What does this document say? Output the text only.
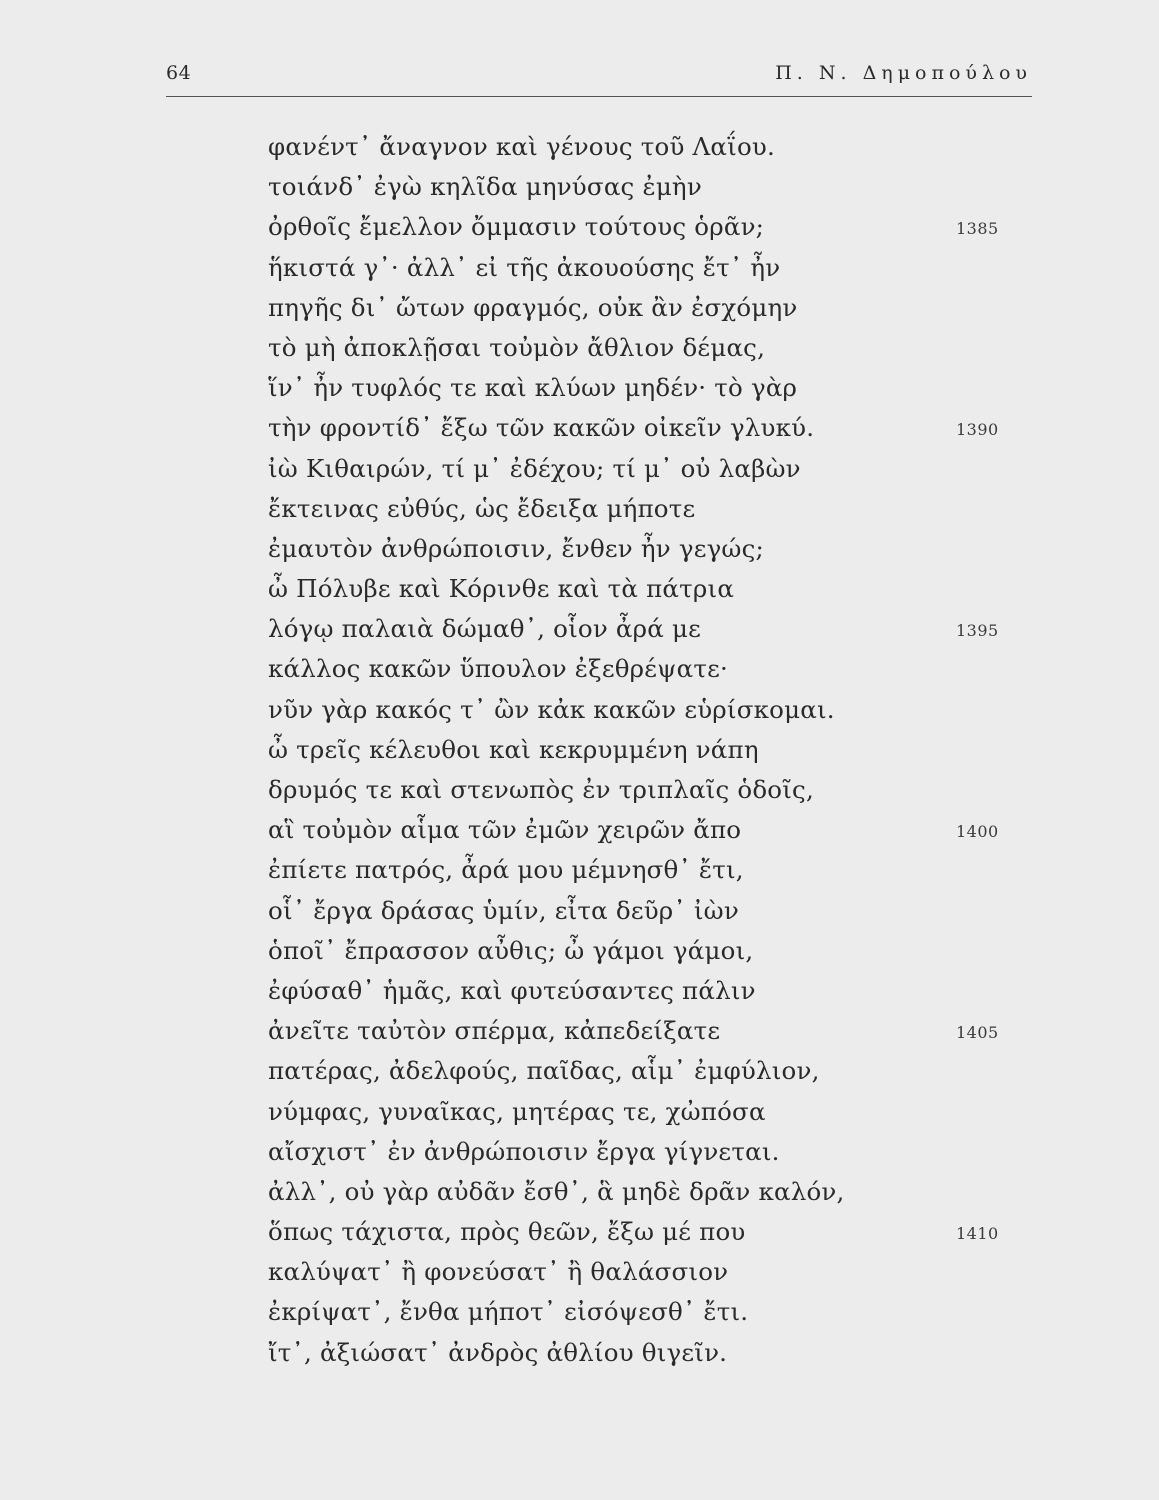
64	Π. Ν. Δημοπούλου
φανέντ᾽ ἄναγνον καὶ γένους τοῦ Λαΐου.
τοιάνδ᾽ ἐγὼ κηλῖδα μηνύσας ἐμὴν
ὀρθοῖς ἔμελλον ὄμμασιν τούτους ὁρᾶν;	1385
ἥκιστά γ᾽· ἀλλ᾽ εἰ τῆς ἀκουούσης ἔτ᾽ ἦν
πηγῆς δι᾽ ὤτων φραγμός, οὐκ ἂν ἐσχόμην
τὸ μὴ ἀποκλῇσαι τοὐμὸν ἄθλιον δέμας,
ἵν᾽ ἦν τυφλός τε καὶ κλύων μηδέν· τὸ γὰρ
τὴν φροντίδ᾽ ἔξω τῶν κακῶν οἰκεῖν γλυκύ.	1390
ἰὼ Κιθαιρών, τί μ᾽ ἐδέχου; τί μ᾽ οὐ λαβὼν
ἔκτεινας εὐθύς, ὡς ἔδειξα μήποτε
ἐμαυτὸν ἀνθρώποισιν, ἔνθεν ἦν γεγώς;
ὦ Πόλυβε καὶ Κόρινθε καὶ τὰ πάτρια
λόγῳ παλαιὰ δώμαθ᾽, οἷον ἆρά με	1395
κάλλος κακῶν ὕπουλον ἐξεθρέψατε·
νῦν γὰρ κακός τ᾽ ὢν κἀκ κακῶν εὑρίσκομαι.
ὦ τρεῖς κέλευθοι καὶ κεκρυμμένη νάπη
δρυμός τε καὶ στενωπὸς ἐν τριπλαῖς ὁδοῖς,
αἳ τοὐμὸν αἷμα τῶν ἐμῶν χειρῶν ἄπο	1400
ἐπίετε πατρός, ἆρά μου μέμνησθ᾽ ἔτι,
οἷ᾽ ἔργα δράσας ὑμίν, εἶτα δεῦρ᾽ ἰὼν
ὁποῖ᾽ ἔπρασσον αὖθις; ὦ γάμοι γάμοι,
ἐφύσαθ᾽ ἡμᾶς, καὶ φυτεύσαντες πάλιν
ἀνεῖτε ταὐτὸν σπέρμα, κἀπεδείξατε	1405
πατέρας, ἀδελφούς, παῖδας, αἷμ᾽ ἐμφύλιον,
νύμφας, γυναῖκας, μητέρας τε, χὠπόσα
αἴσχιστ᾽ ἐν ἀνθρώποισιν ἔργα γίγνεται.
ἀλλ᾽, οὐ γὰρ αὐδᾶν ἔσθ᾽, ἃ μηδὲ δρᾶν καλόν,
ὅπως τάχιστα, πρὸς θεῶν, ἔξω μέ που	1410
καλύψατ᾽ ἢ φονεύσατ᾽ ἢ θαλάσσιον
ἐκρίψατ᾽, ἔνθα μήποτ᾽ εἰσόψεσθ᾽ ἔτι.
ἴτ᾽, ἀξιώσατ᾽ ἀνδρὸς ἀθλίου θιγεῖν.
